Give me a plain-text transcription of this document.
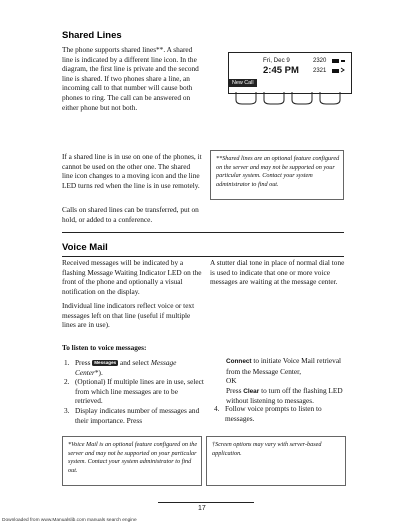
Shared Lines
The phone supports shared lines**. A shared line is indicated by a different line icon. In the diagram, the first line is private and the second line is shared. If two phones share a line, an incoming call to that number will cause both phones to ring. The call can be answered on either phone but not both.
If a shared line is in use on one of the phones, it cannot be used on the other one. The shared line icon changes to a moving icon and the line LED turns red when the line is in use remotely.
Calls on shared lines can be transferred, put on hold, or added to a conference.
Fri, Dec 9
2:45 PM
2320
2321
New Call
**Shared lines are an optional feature configured on the server and may not be supported on your particular system. Contact your system administrator to find out.
Voice Mail
Received messages will be indicated by a flashing Message Waiting Indicator LED on the front of the phone and optionally a visual notification on the display.
Individual line indicators reflect voice or text messages left on that line (useful if multiple lines are in use).
A stutter dial tone in place of normal dial tone is used to indicate that one or more voice messages are waiting at the message center.
To listen to voice messages:
1. Press Messages and select Message Center*).
2. (Optional) If multiple lines are in use, select from which line messages are to be retrieved.
3. Display indicates number of messages and their importance. Press
Connect to initiate Voice Mail retrieval from the Message Center,
OK
Press Clear to turn off the flashing LED without listening to messages.
4. Follow voice prompts to listen to messages.
*Voice Mail is an optional feature configured on the server and may not be supported on your particular system. Contact your system administrator to find out.
†Screen options may vary with server-based application.
17
Downloaded from www.Manualslib.com manuals search engine
